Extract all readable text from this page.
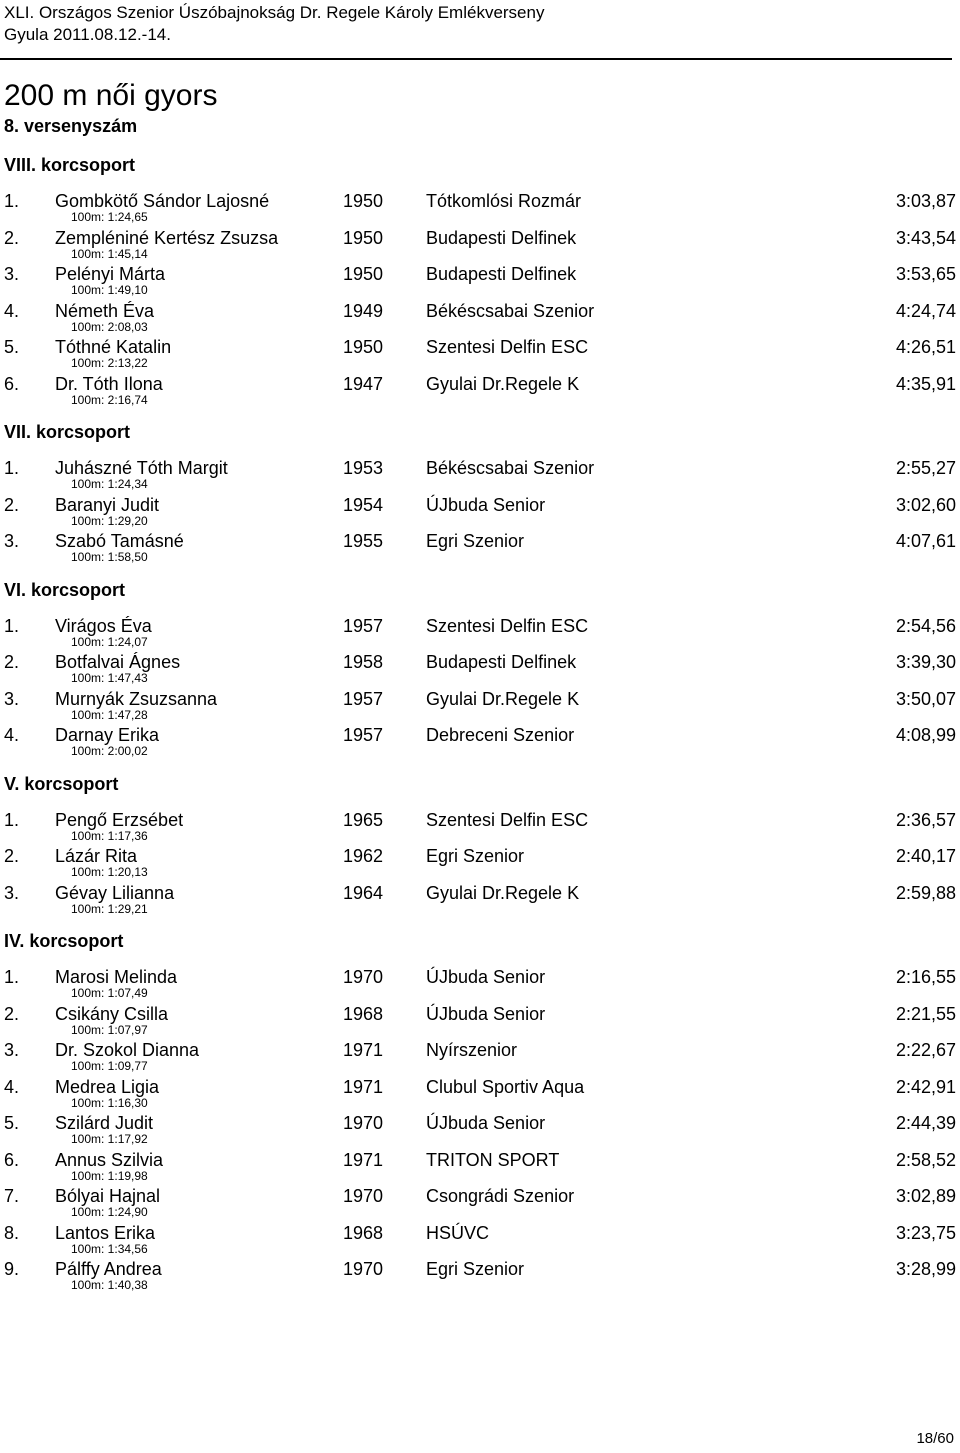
XLI. Országos Szenior Úszóbajnokság Dr. Regele Károly Emlékverseny
Gyula 2011.08.12.-14.
200 m női gyors
8. versenyszám
VIII. korcsoport
1. Gombkötő Sándor Lajosné	1950 Tótkomlósi Rozmár	3:03,87
100m: 1:24,65
2. Zempléniné Kertész Zsuzsa	1950 Budapesti Delfinek	3:43,54
100m: 1:45,14
3. Pelényi Márta	1950 Budapesti Delfinek	3:53,65
100m: 1:49,10
4. Németh Éva	1949 Békéscsabai Szenior	4:24,74
100m: 2:08,03
5. Tóthné Katalin	1950 Szentesi Delfin ESC	4:26,51
100m: 2:13,22
6. Dr. Tóth Ilona	1947 Gyulai Dr.Regele K	4:35,91
100m: 2:16,74
VII. korcsoport
1. Juhászné Tóth Margit	1953 Békéscsabai Szenior	2:55,27
100m: 1:24,34
2. Baranyi Judit	1954 ÚJbuda Senior	3:02,60
100m: 1:29,20
3. Szabó Tamásné	1955 Egri Szenior	4:07,61
100m: 1:58,50
VI. korcsoport
1. Virágos Éva	1957 Szentesi Delfin ESC	2:54,56
100m: 1:24,07
2. Botfalvai Ágnes	1958 Budapesti Delfinek	3:39,30
100m: 1:47,43
3. Murnyák Zsuzsanna	1957 Gyulai Dr.Regele K	3:50,07
100m: 1:47,28
4. Darnay Erika	1957 Debreceni Szenior	4:08,99
100m: 2:00,02
V. korcsoport
1. Pengő Erzsébet	1965 Szentesi Delfin ESC	2:36,57
100m: 1:17,36
2. Lázár Rita	1962 Egri Szenior	2:40,17
100m: 1:20,13
3. Gévay Lilianna	1964 Gyulai Dr.Regele K	2:59,88
100m: 1:29,21
IV. korcsoport
1. Marosi Melinda	1970 ÚJbuda Senior	2:16,55
100m: 1:07,49
2. Csikány Csilla	1968 ÚJbuda Senior	2:21,55
100m: 1:07,97
3. Dr. Szokol Dianna	1971 Nyírszenior	2:22,67
100m: 1:09,77
4. Medrea Ligia	1971 Clubul Sportiv Aqua	2:42,91
100m: 1:16,30
5. Szilárd Judit	1970 ÚJbuda Senior	2:44,39
100m: 1:17,92
6. Annus Szilvia	1971 TRITON SPORT	2:58,52
100m: 1:19,98
7. Bólyai Hajnal	1970 Csongrádi Szenior	3:02,89
100m: 1:24,90
8. Lantos Erika	1968 HSÚVC	3:23,75
100m: 1:34,56
9. Pálffy Andrea	1970 Egri Szenior	3:28,99
100m: 1:40,38
18/60
